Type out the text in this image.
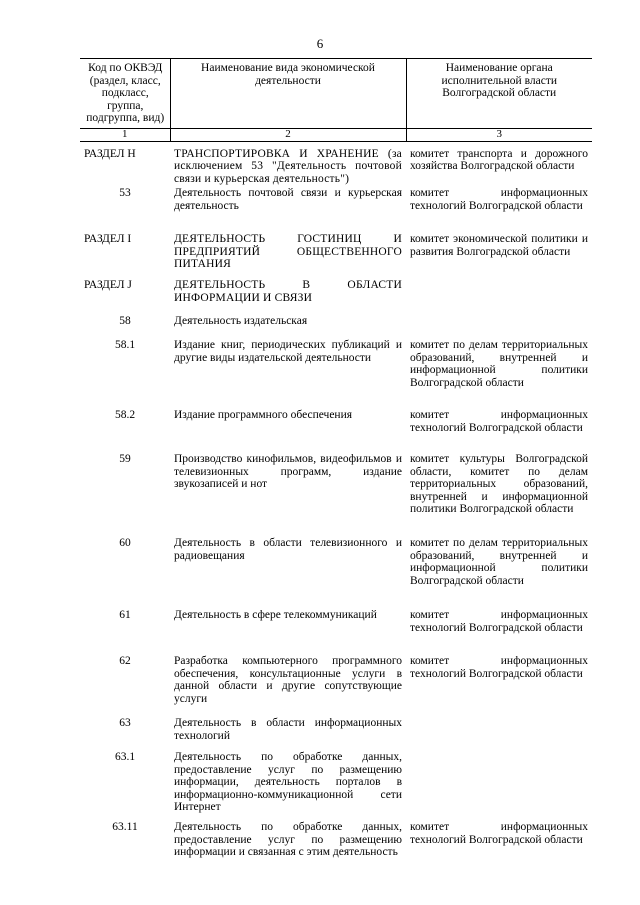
6
Код по ОКВЭД (раздел, класс, подкласс, группа, подгруппа, вид)	Наименование вида экономической деятельности	Наименование органа исполнительной власти Волгоградской области
1	2	3
РАЗДЕЛ H	ТРАНСПОРТИРОВКА И ХРАНЕНИЕ (за исключением 53 "Деятельность почтовой связи и курьерская деятельность")	комитет транспорта и дорожного хозяйства Волгоградской области
53	Деятельность почтовой связи и курьерская деятельность	комитет информационных технологий Волгоградской области
РАЗДЕЛ I	ДЕЯТЕЛЬНОСТЬ ГОСТИНИЦ И ПРЕДПРИЯТИЙ ОБЩЕСТВЕННОГО ПИТАНИЯ	комитет экономической политики и развития Волгоградской области
РАЗДЕЛ J	ДЕЯТЕЛЬНОСТЬ В ОБЛАСТИ ИНФОРМАЦИИ И СВЯЗИ	
58	Деятельность издательская	
58.1	Издание книг, периодических публикаций и другие виды издательской деятельности	комитет по делам территориальных образований, внутренней и информационной политики Волгоградской области
58.2	Издание программного обеспечения	комитет информационных технологий Волгоградской области
59	Производство кинофильмов, видеофильмов и телевизионных программ, издание звукозаписей и нот	комитет культуры Волгоградской области, комитет по делам территориальных образований, внутренней и информационной политики Волгоградской области
60	Деятельность в области телевизионного и радиовещания	комитет по делам территориальных образований, внутренней и информационной политики Волгоградской области
61	Деятельность в сфере телекоммуникаций	комитет информационных технологий Волгоградской области
62	Разработка компьютерного программного обеспечения, консультационные услуги в данной области и другие сопутствующие услуги	комитет информационных технологий Волгоградской области
63	Деятельность в области информационных технологий	
63.1	Деятельность по обработке данных, предоставление услуг по размещению информации, деятельность порталов в информационно-коммуникационной сети Интернет	
63.11	Деятельность по обработке данных, предоставление услуг по размещению информации и связанная с этим деятельность	комитет информационных технологий Волгоградской области
